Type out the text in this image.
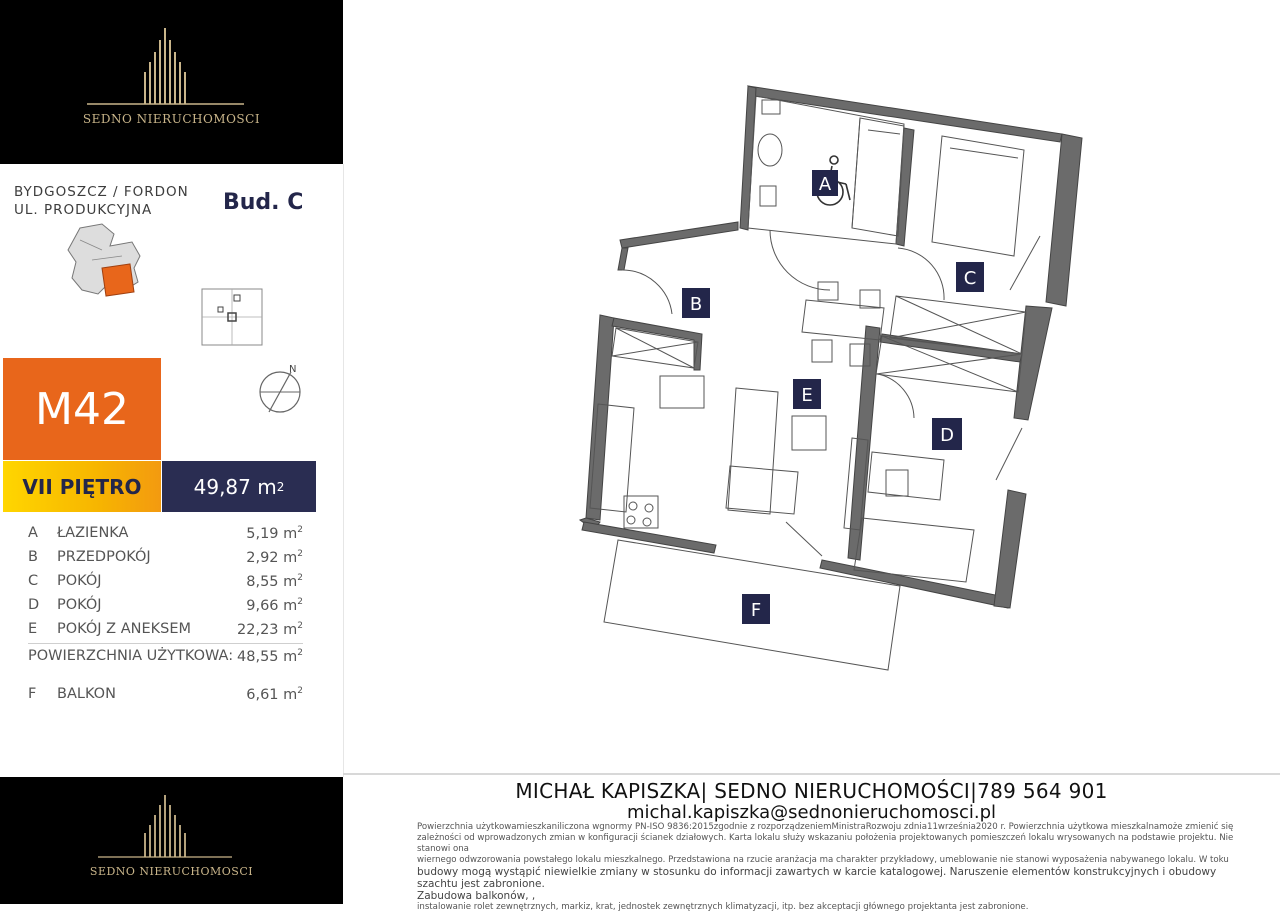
SEDNO NIERUCHOMOSCI
BYDGOSZCZ / FORDON
UL. PRODUKCYJNA	Bud. C
N
M42
VII PIĘTRO	49,87 m 2
A ŁAZIENKA	5,19 $m^2$
B PRZEDPOKÓJ	2,92 $m^2$
C POKÓJ	8,55 $m^2$
D POKÓJ	9,66 $m^2$
E POKÓJ Z ANEKSEM	22,23 $m^2$
POWIERZCHNIA UŻYTKOWA: 48,55 $m^2$
F BALKON	6,61 $m^2$
A
B
C
D
E
F
SEDNO NIERUCHOMOSCI
MICHAŁ KAPISZKA| SEDNO NIERUCHOMOŚCI|789 564 901
michal.kapiszka@sednonieruchomosci.pl
Powierzchnia użytkowamieszkaniliczona wgnormy PN-ISO 9836:2015zgodnie z rozporządzeniemMinistraRozwoju zdnia11września2020 r. Powierzchnia użytkowa mieszkalnamoże zmienić się
zależności od wprowadzonych zmian w konfiguracji ścianek działowych. Karta lokalu służy wskazaniu położenia projektowanych pomieszczeń lokalu wrysowanych na podstawie projektu. Nie stanowi ona
wiernego odwzorowania powstałego lokalu mieszkalnego. Przedstawiona na rzucie aranżacja ma charakter przykładowy, umeblowanie nie stanowi wyposażenia nabywanego lokalu. W toku
budowy mogą wystąpić niewielkie zmiany w stosunku do informacji zawartych w karcie katalogowej. Naruszenie elementów konstrukcyjnych i obudowy szachtu jest zabronione.
Zabudowa balkonów, ,
instalowanie rolet zewnętrznych, markiz, krat, jednostek zewnętrznych klimatyzacji, itp. bez akceptacji głównego projektanta jest zabronione.
